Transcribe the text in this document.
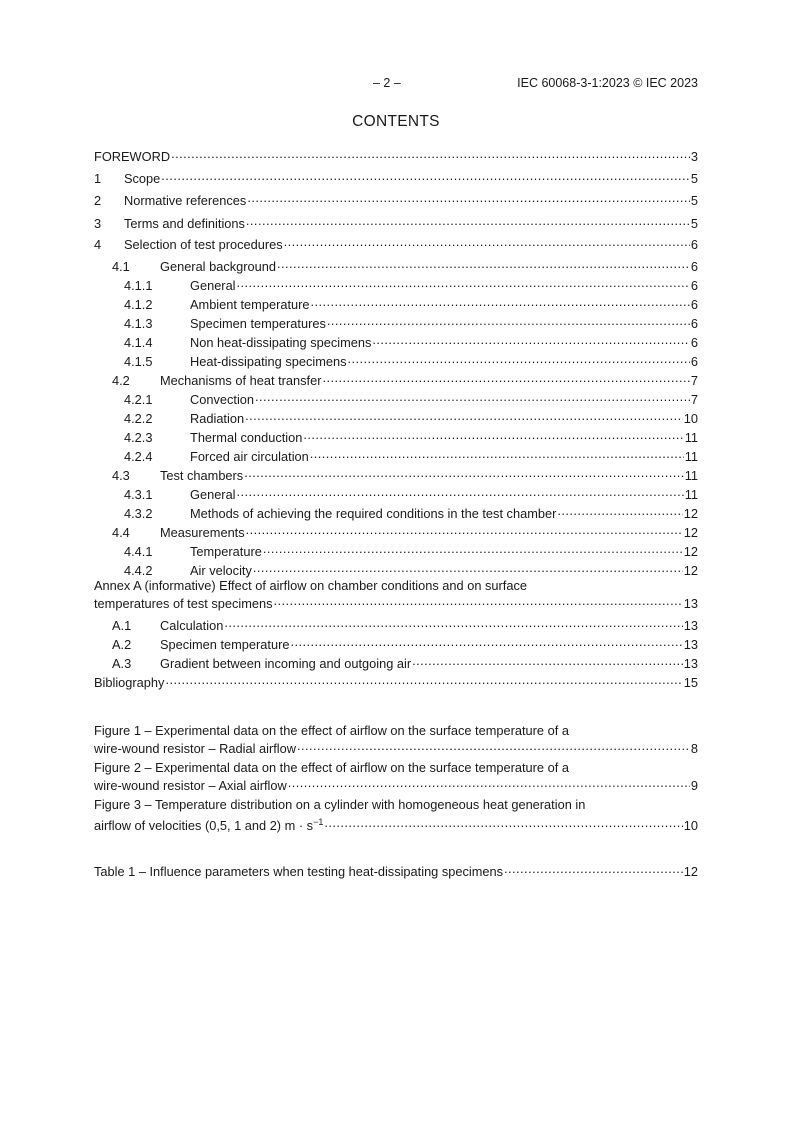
– 2 –	IEC 60068-3-1:2023 © IEC 2023
CONTENTS
FOREWORD .....	3
1	Scope .....	5
2	Normative references .....	5
3	Terms and definitions .....	5
4	Selection of test procedures .....	6
4.1	General background .....	6
4.1.1	General .....	6
4.1.2	Ambient temperature .....	6
4.1.3	Specimen temperatures .....	6
4.1.4	Non heat-dissipating specimens .....	6
4.1.5	Heat-dissipating specimens .....	6
4.2	Mechanisms of heat transfer .....	7
4.2.1	Convection .....	7
4.2.2	Radiation .....	10
4.2.3	Thermal conduction .....	11
4.2.4	Forced air circulation .....	11
4.3	Test chambers .....	11
4.3.1	General .....	11
4.3.2	Methods of achieving the required conditions in the test chamber .....	12
4.4	Measurements .....	12
4.4.1	Temperature .....	12
4.4.2	Air velocity .....	12
Annex A (informative) Effect of airflow on chamber conditions and on surface
temperatures of test specimens .....	13
A.1	Calculation .....	13
A.2	Specimen temperature .....	13
A.3	Gradient between incoming and outgoing air .....	13
Bibliography .....	15
Figure 1 – Experimental data on the effect of airflow on the surface temperature of a
wire-wound resistor – Radial airflow .....	8
Figure 2 – Experimental data on the effect of airflow on the surface temperature of a
wire-wound resistor – Axial airflow .....	9
Figure 3 – Temperature distribution on a cylinder with homogeneous heat generation in
airflow of velocities (0,5, 1 and 2) $m \cdot s^{-1}$ .....	10
Table 1 – Influence parameters when testing heat-dissipating specimens .....	12
